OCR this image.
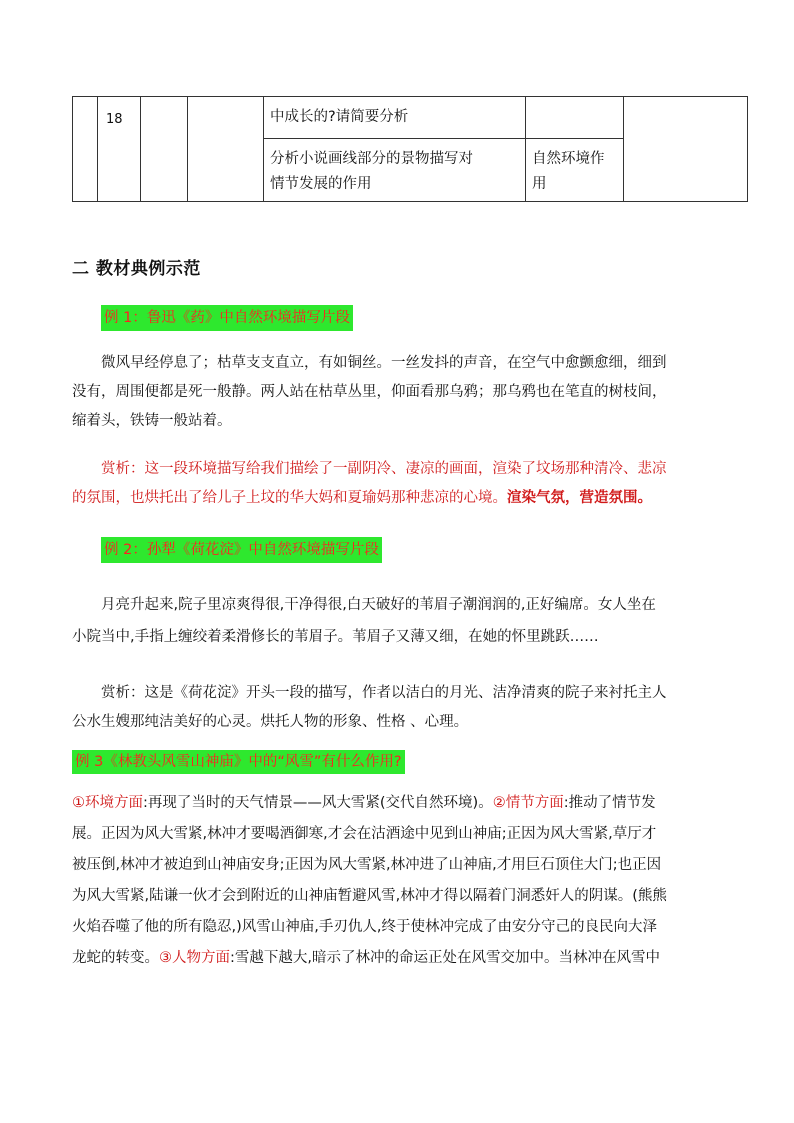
	18			中成长的?请简要分析		

				分析小说画线部分的景物描写对
情节发展的作用	自然环境作
用	
二 教材典例示范
例 1：鲁迅《药》中自然环境描写片段

微风早经停息了；枯草支支直立，有如铜丝。一丝发抖的声音，在空气中愈颤愈细，细到
没有，周围便都是死一般静。两人站在枯草丛里，仰面看那乌鸦；那乌鸦也在笔直的树枝间，
缩着头，铁铸一般站着。

赏析：这一段环境描写给我们描绘了一副阴冷、凄凉的画面，渲染了坟场那种清冷、悲凉
的氛围，也烘托出了给儿子上坟的华大妈和夏瑜妈那种悲凉的心境。渲染气氛，营造氛围。

例 2：孙犁《荷花淀》中自然环境描写片段

月亮升起来,院子里凉爽得很,干净得很,白天破好的苇眉子潮润润的,正好编席。女人坐在
小院当中,手指上缠绞着柔滑修长的苇眉子。苇眉子又薄又细，在她的怀里跳跃……

赏析：这是《荷花淀》开头一段的描写，作者以洁白的月光、洁净清爽的院子来衬托主人
公水生嫂那纯洁美好的心灵。烘托人物的形象、性格 、心理。

例 3《林教头风雪山神庙》中的“风雪”有什么作用?

①环境方面:再现了当时的天气情景——风大雪紧(交代自然环境)。②情节方面:推动了情节发
展。正因为风大雪紧,林冲才要喝酒御寒,才会在沽酒途中见到山神庙;正因为风大雪紧,草厅才
被压倒,林冲才被迫到山神庙安身;正因为风大雪紧,林冲进了山神庙,才用巨石顶住大门;也正因
为风大雪紧,陆谦一伙才会到附近的山神庙暂避风雪,林冲才得以隔着门洞悉奸人的阴谋。(熊熊
火焰吞噬了他的所有隐忍,)风雪山神庙,手刃仇人,终于使林冲完成了由安分守己的良民向大泽
龙蛇的转变。③人物方面:雪越下越大,暗示了林冲的命运正处在风雪交加中。当林冲在风雪中
